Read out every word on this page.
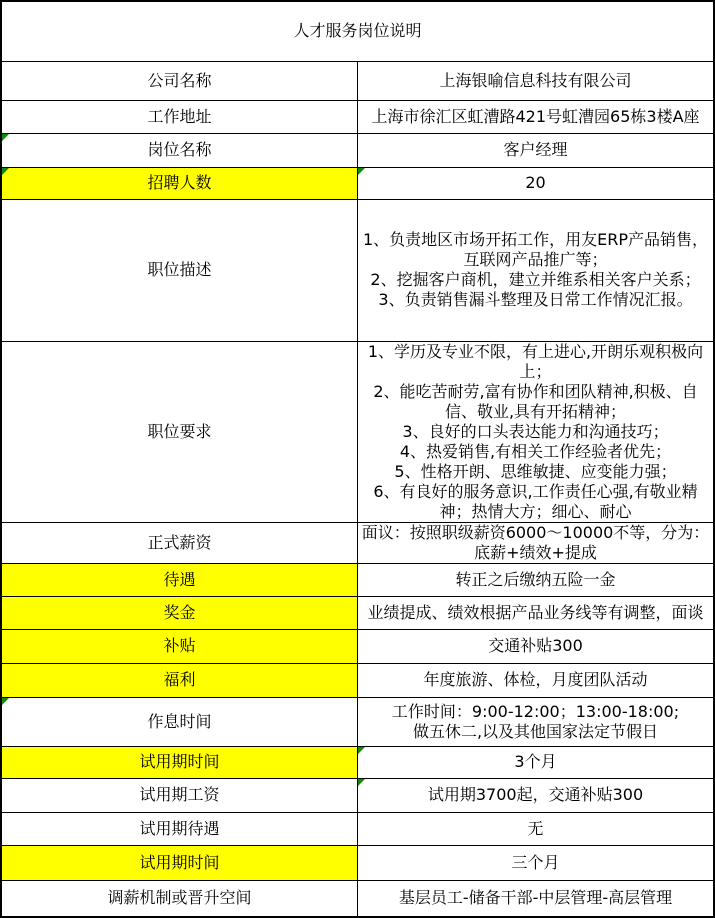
人才服务岗位说明	
公司名称	上海银喻信息科技有限公司

工作地址	上海市徐汇区虹漕路421号虹漕园65栋3楼A座

岗位名称	客户经理

招聘人数	20

职位描述	1、负责地区市场开拓工作，用友ERP产品销售，互联网产品推广等；
2、挖掘客户商机，建立并维系相关客户关系；
3、负责销售漏斗整理及日常工作情况汇报。

职位要求	
1、学历及专业不限，有上进心,开朗乐观积极向上；
2、能吃苦耐劳,富有协作和团队精神,积极、自信、敬业,具有开拓精神；
3、良好的口头表达能力和沟通技巧；
4、热爱销售,有相关工作经验者优先；
5、性格开朗、思维敏捷、应变能力强；
6、有良好的服务意识,工作责任心强,有敬业精神；热情大方；细心、耐心

正式薪资	面议：按照职级薪资6000～10000不等，分为：底薪+绩效+提成

待遇	转正之后缴纳五险一金

奖金	业绩提成、绩效根据产品业务线等有调整，面谈

补贴	交通补贴300

福利	年度旅游、体检，月度团队活动

作息时间	工作时间：9:00-12:00；13:00-18:00;
做五休二,以及其他国家法定节假日

试用期时间	3个月

试用期工资	试用期3700起，交通补贴300

试用期待遇	无

试用期时间	三个月

调薪机制或晋升空间	基层员工-储备干部-中层管理-高层管理
